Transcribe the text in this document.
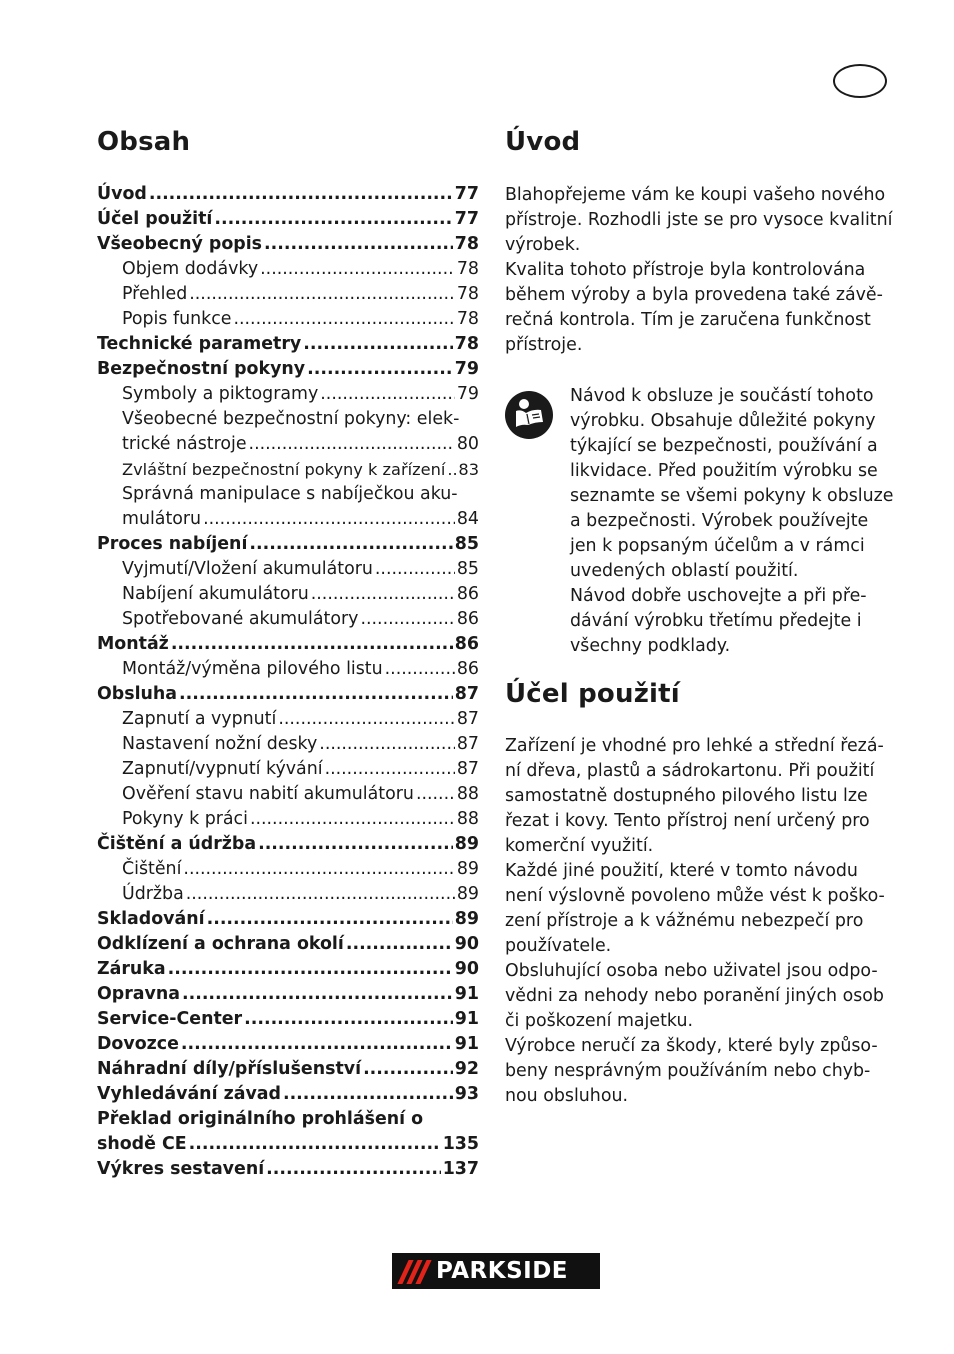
Obsah
Úvod .....	77
Účel použití .....	77
Všeobecný popis .....	78
Objem dodávky .....	78
Přehled .....	78
Popis funkce .....	78
Technické parametry .....	78
Bezpečnostní pokyny .....	79
Symboly a piktogramy .....	79
Všeobecné bezpečnostní pokyny: elek-
trické nástroje .....	80
Zvláštní bezpečnostní pokyny k zařízení ..... 83
Správná manipulace s nabíječkou aku-
mulátoru .....	84
Proces nabíjení .....	85
Vyjmutí/Vložení akumulátoru .....	85
Nabíjení akumulátoru .....	86
Spotřebované akumulátory .....	86
Montáž .....	86
Montáž/výměna pilového listu .....	86
Obsluha .....	87
Zapnutí a vypnutí .....	87
Nastavení nožní desky .....	87
Zapnutí/vypnutí kývání .....	87
Ověření stavu nabití akumulátoru ..... 88
Pokyny k práci .....	88
Čištění a údržba .....	89
Čištění .....	89
Údržba .....	89
Skladování .....	89
Odklízení a ochrana okolí .....	90
Záruka .....	90
Opravna .....	91
Service-Center .....	91
Dovozce .....	91
Náhradní díly/příslušenství .....	92
Vyhledávání závad .....	93
Překlad originálního prohlášení o
shodě CE .....	135
Výkres sestavení .....	137
Úvod
Blahopřejeme vám ke koupi vašeho nového
přístroje. Rozhodli jste se pro vysoce kvalitní
výrobek.
Kvalita tohoto přístroje byla kontrolována
během výroby a byla provedena také závě-
rečná kontrola. Tím je zaručena funkčnost
přístroje.
Návod k obsluze je součástí tohoto
výrobku. Obsahuje důležité pokyny
týkající se bezpečnosti, používání a
likvidace. Před použitím výrobku se
seznamte se všemi pokyny k obsluze
a bezpečnosti. Výrobek používejte
jen k popsaným účelům a v rámci
uvedených oblastí použití.
Návod dobře uschovejte a při pře-
dávání výrobku třetímu předejte i
všechny podklady.
Účel použití
Zařízení je vhodné pro lehké a střední řezá-
ní dřeva, plastů a sádrokartonu. Při použití
samostatně dostupného pilového listu lze
řezat i kovy. Tento přístroj není určený pro
komerční využití.
Každé jiné použití, které v tomto návodu
není výslovně povoleno může vést k poško-
zení přístroje a k vážnému nebezpečí pro
používatele.
Obsluhující osoba nebo uživatel jsou odpo-
vědni za nehody nebo poranění jiných osob
či poškození majetku.
Výrobce neručí za škody, které byly způso-
beny nesprávným používáním nebo chyb-
nou obsluhou.
PARKSIDE
